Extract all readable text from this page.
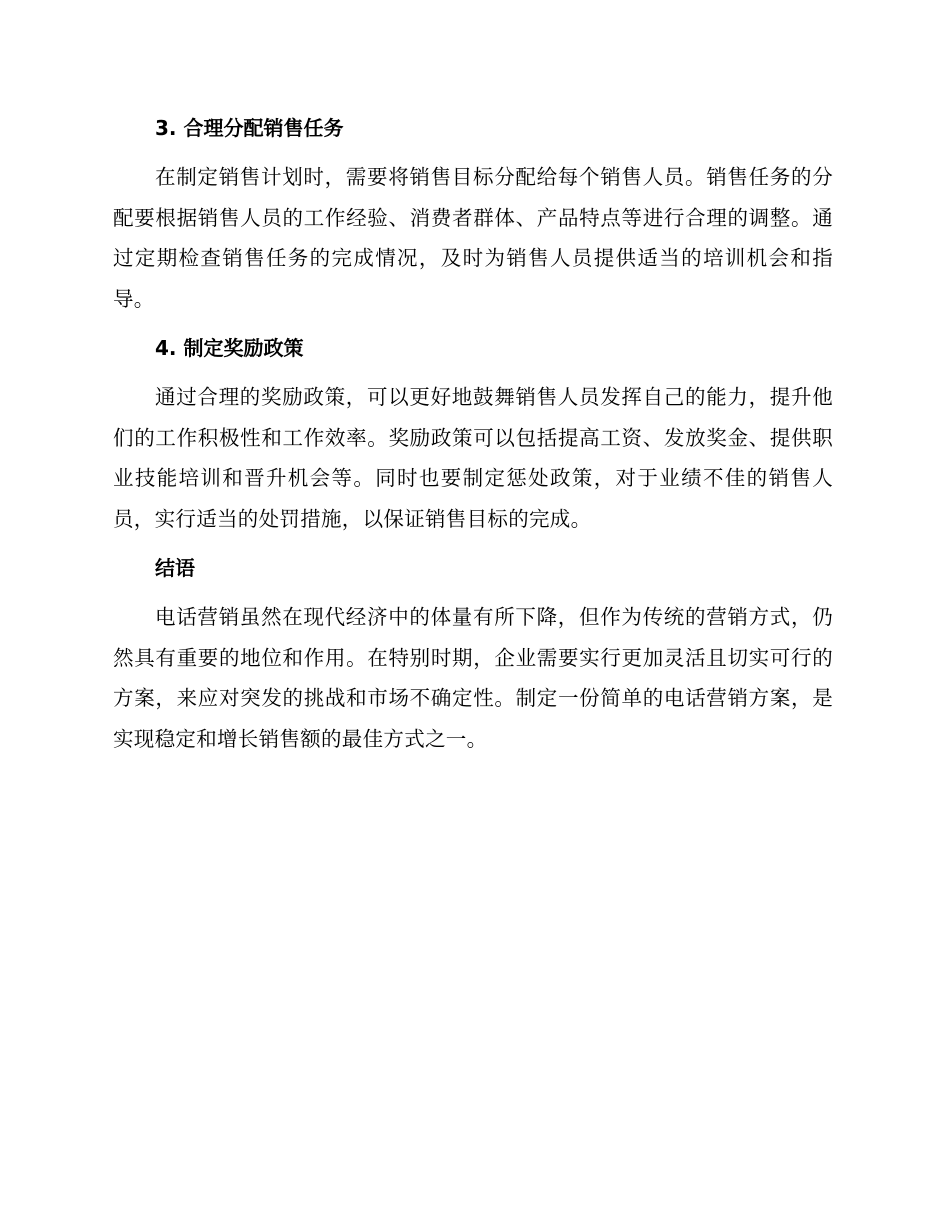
3. 合理分配销售任务

在制定销售计划时，需要将销售目标分配给每个销售人员。销售任务的分配要根据销售人员的工作经验、消费者群体、产品特点等进行合理的调整。通过定期检查销售任务的完成情况，及时为销售人员提供适当的培训机会和指导。

4. 制定奖励政策

通过合理的奖励政策，可以更好地鼓舞销售人员发挥自己的能力，提升他们的工作积极性和工作效率。奖励政策可以包括提高工资、发放奖金、提供职业技能培训和晋升机会等。同时也要制定惩处政策，对于业绩不佳的销售人员，实行适当的处罚措施，以保证销售目标的完成。

结语

电话营销虽然在现代经济中的体量有所下降，但作为传统的营销方式，仍然具有重要的地位和作用。在特别时期，企业需要实行更加灵活且切实可行的方案，来应对突发的挑战和市场不确定性。制定一份简单的电话营销方案，是实现稳定和增长销售额的最佳方式之一。
